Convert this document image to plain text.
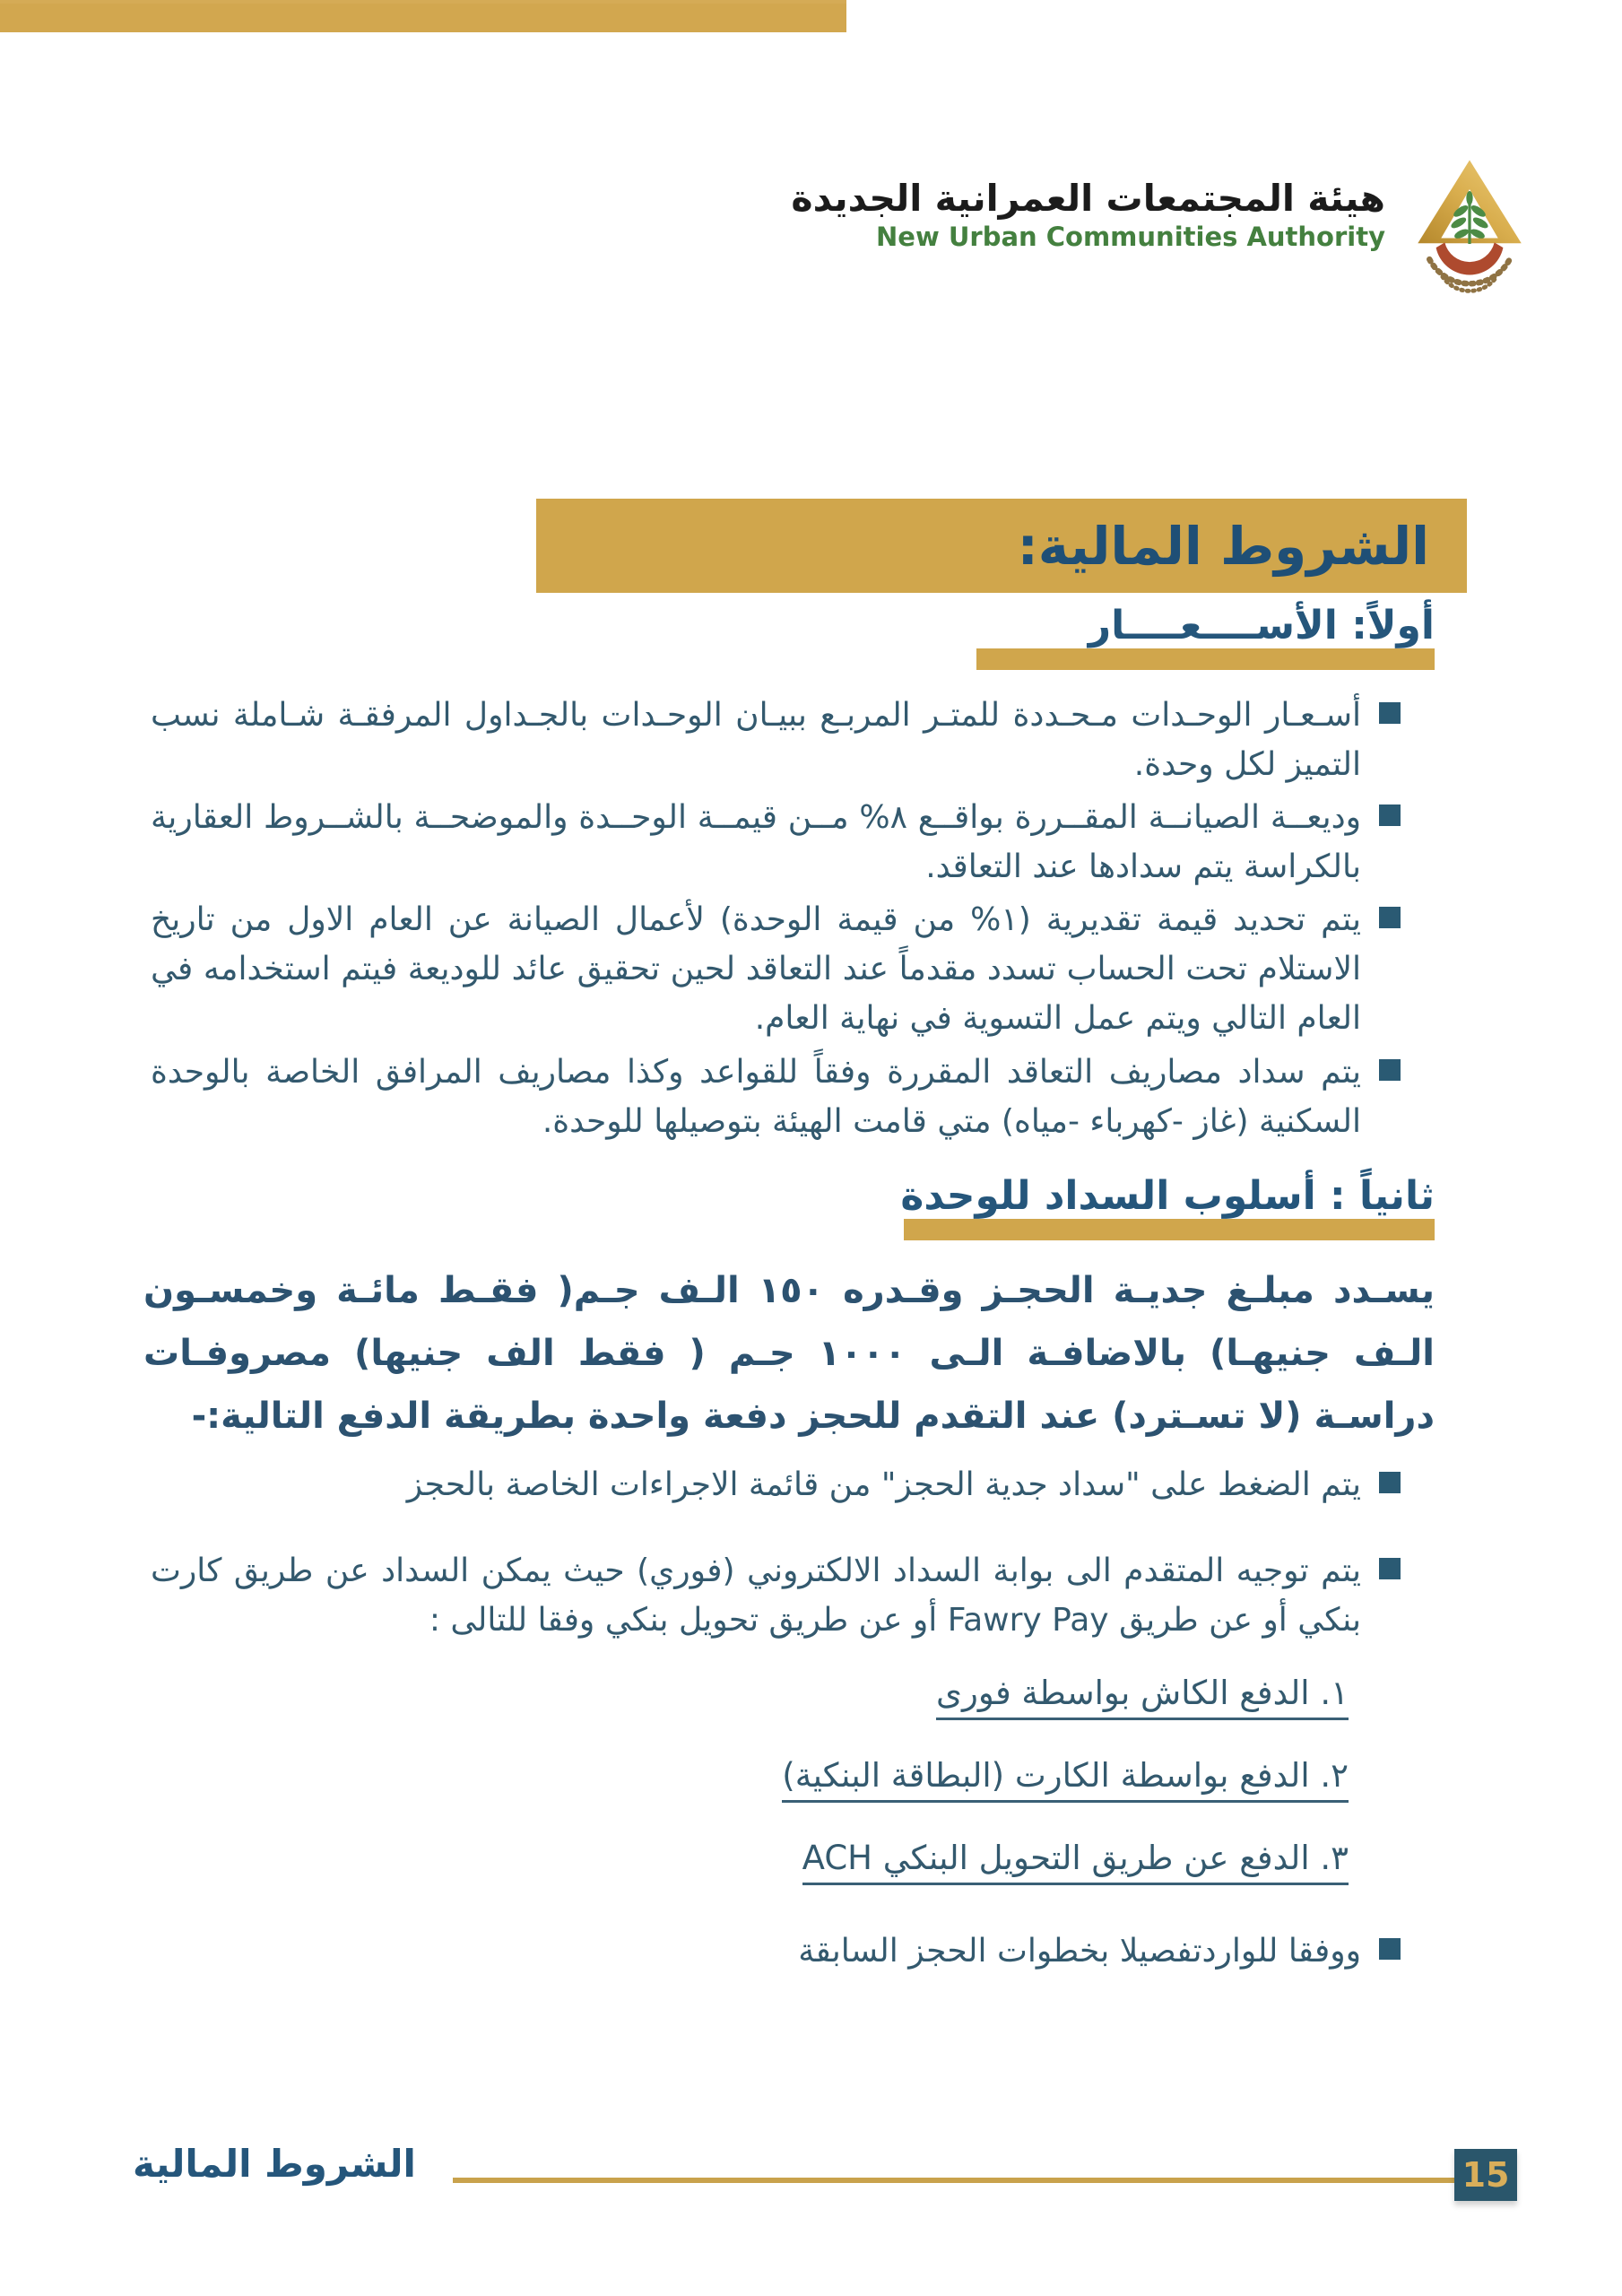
هيئة المجتمعات العمرانية الجديدة
New Urban Communities Authority
الشروط المالية:
أولاً: الأســــعــــار
أسـعـار الوحـدات مـحـددة للمتـر المربـع ببيـان الوحـدات بالجـداول المرفقـة شـاملة نسب التميز لكل وحدة.
وديعــة الصيانــة المقــررة بواقــع ٨% مــن قيمــة الوحــدة والموضحــة بالشــروط العقارية بالكراسة يتم سدادها عند التعاقد.
يتم تحديد قيمة تقديرية (١% من قيمة الوحدة) لأعمال الصيانة عن العام الاول من تاريخ الاستلام تحت الحساب تسدد مقدماً عند التعاقد لحين تحقيق عائد للوديعة فيتم استخدامه في العام التالي ويتم عمل التسوية في نهاية العام.
يتم سداد مصاريف التعاقد المقررة وفقاً للقواعد وكذا مصاريف المرافق الخاصة بالوحدة السكنية (غاز -كهرباء -مياه) متي قامت الهيئة بتوصيلها للوحدة.
ثانياً : أسلوب السداد للوحدة
يسـدد مبلـغ جديـة الحجـز وقـدره ١٥٠ الـف جـم( فقـط مائـة وخمسـون الـف جنيهـا) بالاضافـة الـى ١٠٠٠ جـم ( فقط الف جنيها) مصروفـات دراسـة (لا تسـترد) عند التقدم للحجز دفعة واحدة بطريقة الدفع التالية:-
يتم الضغط على "سداد جدية الحجز" من قائمة الاجراءات الخاصة بالحجز
يتم توجيه المتقدم الى بوابة السداد الالكتروني (فوري) حيث يمكن السداد عن طريق كارت بنكي أو عن طريق Fawry Pay أو عن طريق تحويل بنكي وفقا للتالى :
١. الدفع الكاش بواسطة فورى
٢. الدفع بواسطة الكارت (البطاقة البنكية)
٣. الدفع عن طريق التحويل البنكي ACH
ووفقا للواردتفصيلا بخطوات الحجز السابقة
الشروط المالية	15
